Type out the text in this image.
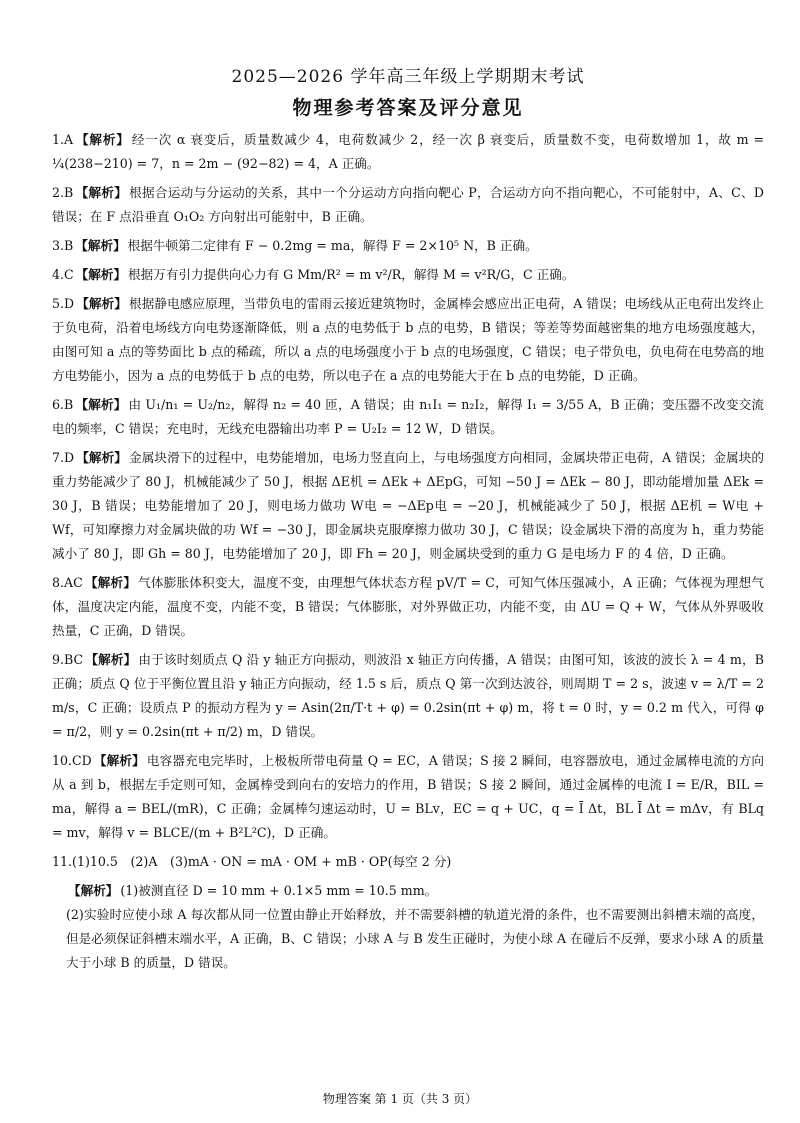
2025—2026 学年高三年级上学期期末考试
物理参考答案及评分意见

1.A 【解析】 经一次 α 衰变后，质量数减少 4，电荷数减少 2，经一次 β 衰变后，质量数不变，电荷数增加 1，故 m = ¼(238−210) = 7，n = 2m − (92−82) = 4，A 正确。

2.B 【解析】 根据合运动与分运动的关系，其中一个分运动方向指向靶心 P，合运动方向不指向靶心，不可能射中，A、C、D 错误；在 F 点沿垂直 O₁O₂ 方向射出可能射中，B 正确。

3.B 【解析】 根据牛顿第二定律有 F − 0.2mg = ma，解得 F = 2×10⁵ N，B 正确。

4.C 【解析】 根据万有引力提供向心力有 G Mm/R² = m v²/R，解得 M = v²R/G，C 正确。

5.D 【解析】 根据静电感应原理，当带负电的雷雨云接近建筑物时，金属棒会感应出正电荷，A 错误；电场线从正电荷出发终止于负电荷，沿着电场线方向电势逐渐降低，则 a 点的电势低于 b 点的电势，B 错误；等差等势面越密集的地方电场强度越大，由图可知 a 点的等势面比 b 点的稀疏，所以 a 点的电场强度小于 b 点的电场强度，C 错误；电子带负电，负电荷在电势高的地方电势能小，因为 a 点的电势低于 b 点的电势，所以电子在 a 点的电势能大于在 b 点的电势能，D 正确。

6.B 【解析】 由 U₁/n₁ = U₂/n₂，解得 n₂ = 40 匝，A 错误；由 n₁I₁ = n₂I₂，解得 I₁ = 3/55 A，B 正确；变压器不改变交流电的频率，C 错误；充电时，无线充电器输出功率 P = U₂I₂ = 12 W，D 错误。

7.D 【解析】 金属块滑下的过程中，电势能增加，电场力竖直向上，与电场强度方向相同，金属块带正电荷，A 错误；金属块的重力势能减少了 80 J，机械能减少了 50 J，根据 ΔE机 = ΔEk + ΔEpG，可知 −50 J = ΔEk − 80 J，即动能增加量 ΔEk = 30 J，B 错误；电势能增加了 20 J，则电场力做功 W电 = −ΔEp电 = −20 J，机械能减少了 50 J，根据 ΔE机 = W电 + Wf，可知摩擦力对金属块做的功 Wf = −30 J，即金属块克服摩擦力做功 30 J，C 错误；设金属块下滑的高度为 h，重力势能减小了 80 J，即 Gh = 80 J，电势能增加了 20 J，即 Fh = 20 J，则金属块受到的重力 G 是电场力 F 的 4 倍，D 正确。

8.AC 【解析】 气体膨胀体积变大，温度不变，由理想气体状态方程 pV/T = C，可知气体压强减小，A 正确；气体视为理想气体，温度决定内能，温度不变，内能不变，B 错误；气体膨胀，对外界做正功，内能不变，由 ΔU = Q + W，气体从外界吸收热量，C 正确，D 错误。

9.BC 【解析】 由于该时刻质点 Q 沿 y 轴正方向振动，则波沿 x 轴正方向传播，A 错误；由图可知，该波的波长 λ = 4 m，B 正确；质点 Q 位于平衡位置且沿 y 轴正方向振动，经 1.5 s 后，质点 Q 第一次到达波谷，则周期 T = 2 s，波速 v = λ/T = 2 m/s，C 正确；设质点 P 的振动方程为 y = Asin(2π/T·t + φ) = 0.2sin(πt + φ) m，将 t = 0 时，y = 0.2 m 代入，可得 φ = π/2，则 y = 0.2sin(πt + π/2) m，D 错误。

10.CD 【解析】 电容器充电完毕时，上极板所带电荷量 Q = EC，A 错误；S 接 2 瞬间，电容器放电，通过金属棒电流的方向从 a 到 b，根据左手定则可知，金属棒受到向右的安培力的作用，B 错误；S 接 2 瞬间，通过金属棒的电流 I = E/R，BIL = ma，解得 a = BEL/(mR)，C 正确；金属棒匀速运动时，U = BLv，EC = q + UC，q = Ī Δt，BL Ī Δt = mΔv，有 BLq = mv，解得 v = BLCE/(m + B²L²C)，D 正确。

11.(1)10.5　(2)A　(3)mA · ON = mA · OM + mB · OP(每空 2 分)

【解析】 (1)被测直径 D = 10 mm + 0.1×5 mm = 10.5 mm。

(2)实验时应使小球 A 每次都从同一位置由静止开始释放，并不需要斜槽的轨道光滑的条件，也不需要测出斜槽末端的高度，但是必须保证斜槽末端水平，A 正确，B、C 错误；小球 A 与 B 发生正碰时，为使小球 A 在碰后不反弹，要求小球 A 的质量大于小球 B 的质量，D 错误。

物理答案 第 1 页（共 3 页）
